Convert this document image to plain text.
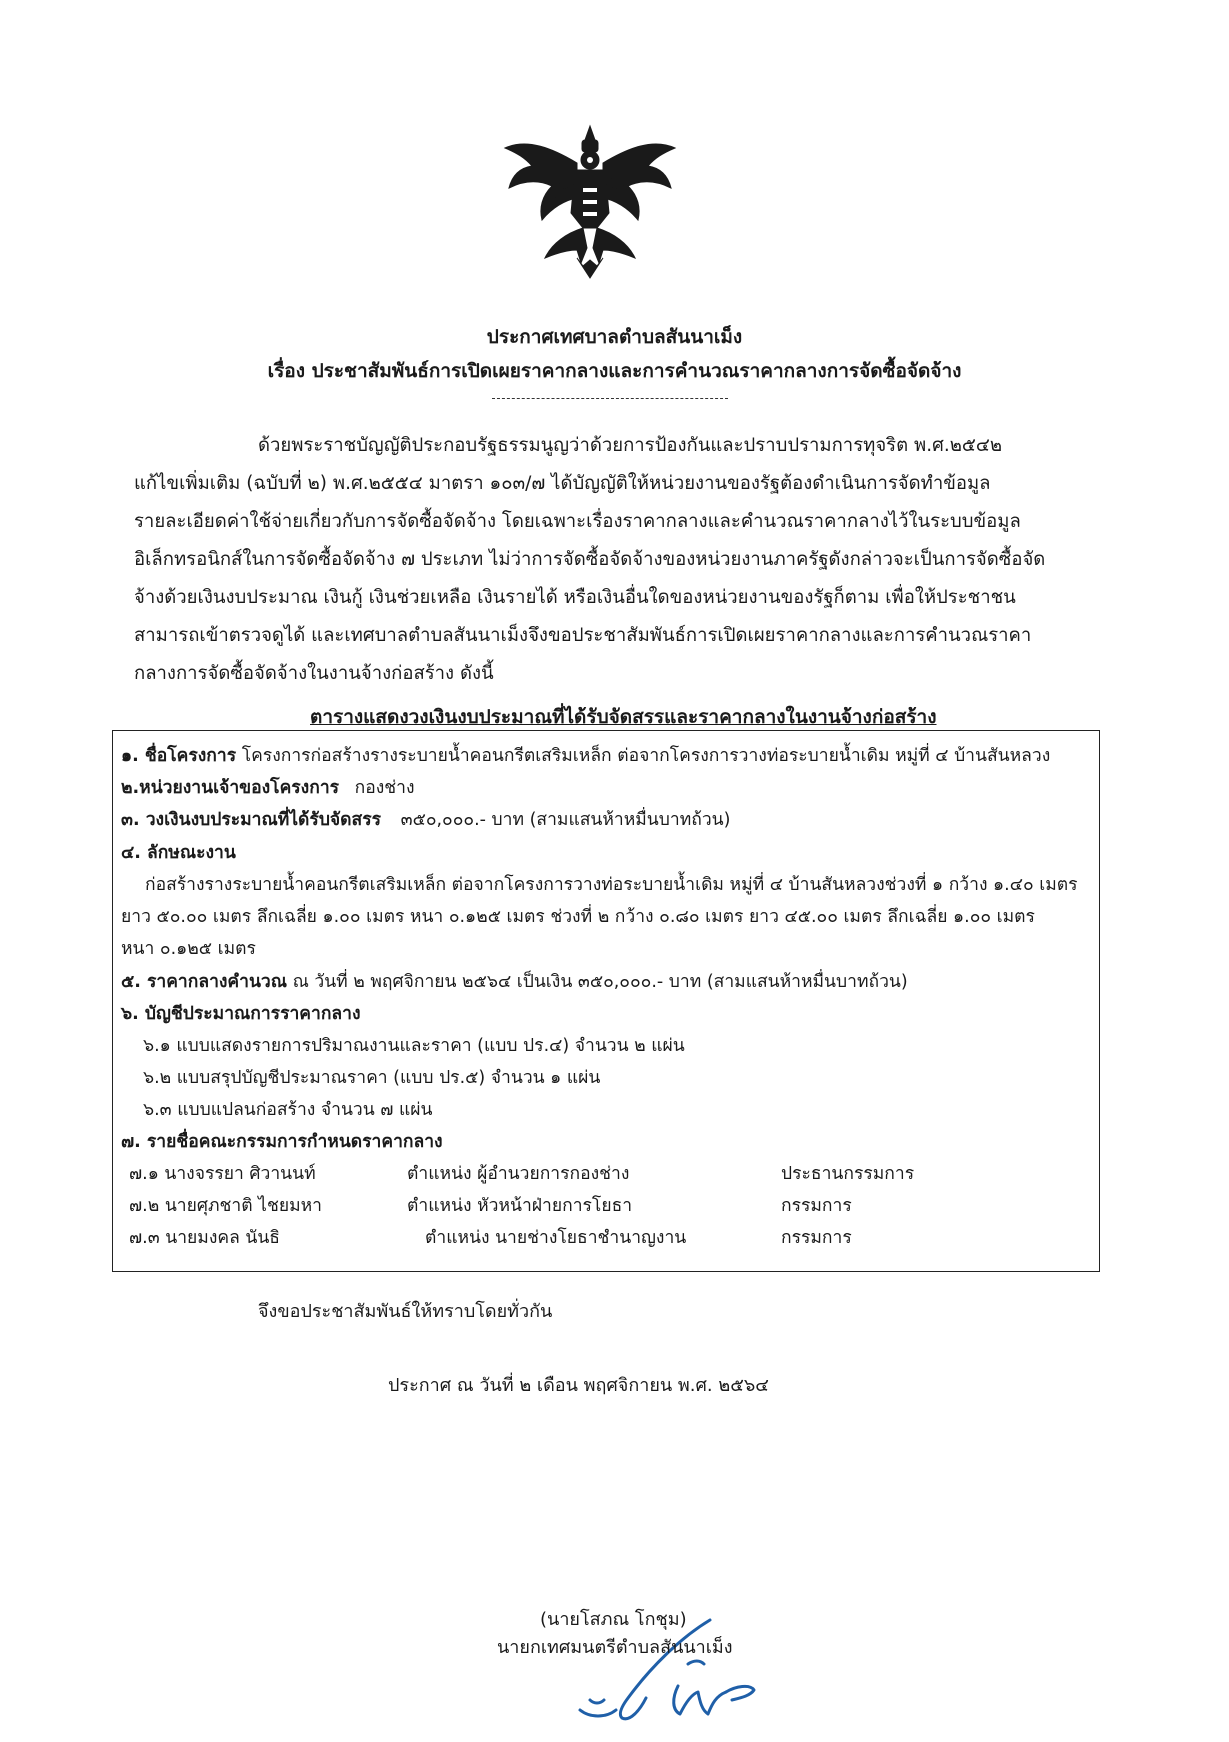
ประกาศเทศบาลตำบลสันนาเม็ง
เรื่อง ประชาสัมพันธ์การเปิดเผยราคากลางและการคำนวณราคากลางการจัดซื้อจัดจ้าง
ด้วยพระราชบัญญัติประกอบรัฐธรรมนูญว่าด้วยการป้องกันและปราบปรามการทุจริต พ.ศ.๒๕๔๒
แก้ไขเพิ่มเติม (ฉบับที่ ๒) พ.ศ.๒๕๕๔ มาตรา ๑๐๓/๗ ได้บัญญัติให้หน่วยงานของรัฐต้องดำเนินการจัดทำข้อมูล
รายละเอียดค่าใช้จ่ายเกี่ยวกับการจัดซื้อจัดจ้าง โดยเฉพาะเรื่องราคากลางและคำนวณราคากลางไว้ในระบบข้อมูล
อิเล็กทรอนิกส์ในการจัดซื้อจัดจ้าง ๗ ประเภท ไม่ว่าการจัดซื้อจัดจ้างของหน่วยงานภาครัฐดังกล่าวจะเป็นการจัดซื้อจัด
จ้างด้วยเงินงบประมาณ เงินกู้ เงินช่วยเหลือ เงินรายได้ หรือเงินอื่นใดของหน่วยงานของรัฐก็ตาม เพื่อให้ประชาชน
สามารถเข้าตรวจดูได้ และเทศบาลตำบลสันนาเม็งจึงขอประชาสัมพันธ์การเปิดเผยราคากลางและการคำนวณราคา
กลางการจัดซื้อจัดจ้างในงานจ้างก่อสร้าง ดังนี้
ตารางแสดงวงเงินงบประมาณที่ได้รับจัดสรรและราคากลางในงานจ้างก่อสร้าง
๑. ชื่อโครงการ โครงการก่อสร้างรางระบายน้ำคอนกรีตเสริมเหล็ก ต่อจากโครงการวางท่อระบายน้ำเดิม หมู่ที่ ๔ บ้านสันหลวง
๒.หน่วยงานเจ้าของโครงการ กองช่าง
๓. วงเงินงบประมาณที่ได้รับจัดสรร ๓๕๐,๐๐๐.- บาท (สามแสนห้าหมื่นบาทถ้วน)
๔. ลักษณะงาน
ก่อสร้างรางระบายน้ำคอนกรีตเสริมเหล็ก ต่อจากโครงการวางท่อระบายน้ำเดิม หมู่ที่ ๔ บ้านสันหลวงช่วงที่ ๑ กว้าง ๑.๔๐ เมตร
ยาว ๕๐.๐๐ เมตร ลึกเฉลี่ย ๑.๐๐ เมตร หนา ๐.๑๒๕ เมตร ช่วงที่ ๒ กว้าง ๐.๘๐ เมตร ยาว ๔๕.๐๐ เมตร ลึกเฉลี่ย ๑.๐๐ เมตร
หนา ๐.๑๒๕ เมตร
๕. ราคากลางคำนวณ ณ วันที่ ๒ พฤศจิกายน ๒๕๖๔ เป็นเงิน ๓๕๐,๐๐๐.- บาท (สามแสนห้าหมื่นบาทถ้วน)
๖. บัญชีประมาณการราคากลาง
๖.๑ แบบแสดงรายการปริมาณงานและราคา (แบบ ปร.๔) จำนวน ๒ แผ่น
๖.๒ แบบสรุปบัญชีประมาณราคา (แบบ ปร.๕) จำนวน ๑ แผ่น
๖.๓ แบบแปลนก่อสร้าง จำนวน ๗ แผ่น
๗. รายชื่อคณะกรรมการกำหนดราคากลาง
๗.๑ นางจรรยา ศิวานนท์	ตำแหน่ง ผู้อำนวยการกองช่าง	ประธานกรรมการ
๗.๒ นายศุภชาติ ไชยมหา	ตำแหน่ง หัวหน้าฝ่ายการโยธา	กรรมการ
๗.๓ นายมงคล นันธิ	ตำแหน่ง นายช่างโยธาชำนาญงาน	กรรมการ
จึงขอประชาสัมพันธ์ให้ทราบโดยทั่วกัน
ประกาศ ณ วันที่ ๒ เดือน พฤศจิกายน พ.ศ. ๒๕๖๔
(นายโสภณ โกชุม)
นายกเทศมนตรีตำบลสันนาเม็ง
